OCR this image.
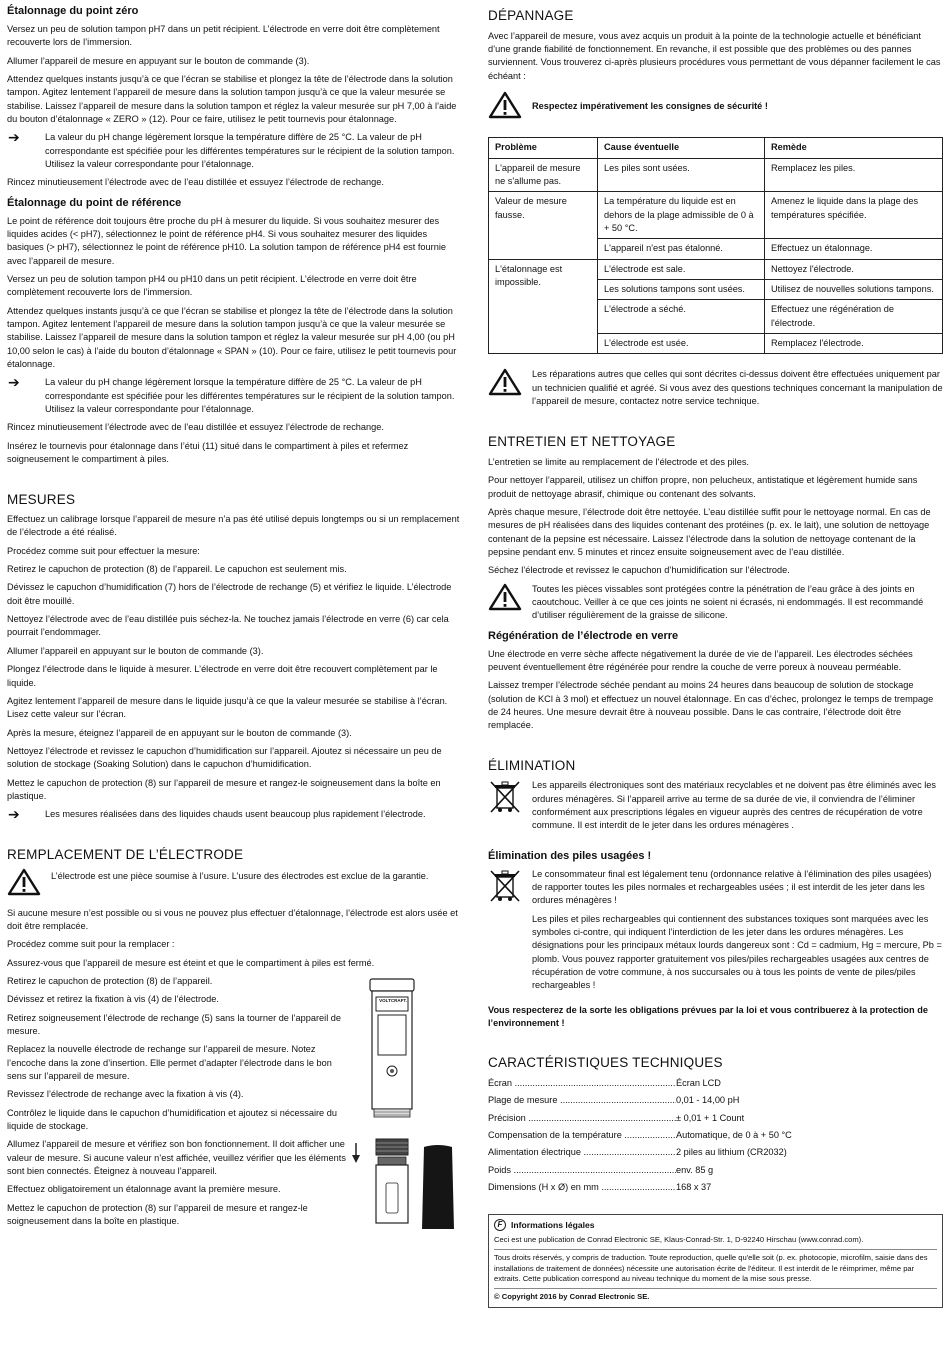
Étalonnage du point zéro

Versez un peu de solution tampon pH7 dans un petit récipient. L’électrode en verre doit être complètement recouverte lors de l’immersion.

Allumer l’appareil de mesure en appuyant sur le bouton de commande (3).

Attendez quelques instants jusqu’à ce que l’écran se stabilise et plongez la tête de l’électrode dans la solution tampon. Agitez lentement l’appareil de mesure dans la solution tampon jusqu’à ce que la valeur mesurée se stabilise. Laissez l’appareil de mesure dans la solution tampon et réglez la valeur mesurée sur pH 7,00 à l’aide du bouton d’étalonnage « ZERO » (12). Pour ce faire, utilisez le petit tournevis pour étalonnage.

➔	La valeur du pH change légèrement lorsque la température diffère de 25 °C. La valeur de pH correspondante est spécifiée pour les différentes températures sur le récipient de la solution tampon. Utilisez la valeur correspondante pour l’étalonnage.

Rincez minutieusement l’électrode avec de l’eau distillée et essuyez l’électrode de rechange.

Étalonnage du point de référence

Le point de référence doit toujours être proche du pH à mesurer du liquide. Si vous souhaitez mesurer des liquides acides (< pH7), sélectionnez le point de référence pH4. Si vous souhaitez mesurer des liquides basiques (> pH7), sélectionnez le point de référence pH10. La solution tampon de référence pH4 est fournie avec l’appareil de mesure.

Versez un peu de solution tampon pH4 ou pH10 dans un petit récipient. L’électrode en verre doit être complètement recouverte lors de l’immersion.

Attendez quelques instants jusqu’à ce que l’écran se stabilise et plongez la tête de l’électrode dans la solution tampon. Agitez lentement l’appareil de mesure dans la solution tampon jusqu’à ce que la valeur mesurée se stabilise. Laissez l’appareil de mesure dans la solution tampon et réglez la valeur mesurée sur pH 4,00 (ou pH 10,00 selon le cas) à l’aide du bouton d’étalonnage « SPAN » (10). Pour ce faire, utilisez le petit tournevis pour étalonnage.

➔	La valeur du pH change légèrement lorsque la température diffère de 25 °C. La valeur de pH correspondante est spécifiée pour les différentes températures sur le récipient de la solution tampon. Utilisez la valeur correspondante pour l’étalonnage.

Rincez minutieusement l’électrode avec de l’eau distillée et essuyez l’électrode de rechange.

Insérez le tournevis pour étalonnage dans l’étui (11) situé dans le compartiment à piles et refermez soigneusement le compartiment à piles.

MESURES

Effectuez un calibrage lorsque l’appareil de mesure n’a pas été utilisé depuis longtemps ou si un remplacement de l’électrode a été réalisé.

Procédez comme suit pour effectuer la mesure:

Retirez le capuchon de protection (8) de l’appareil. Le capuchon est seulement mis.

Dévissez le capuchon d’humidification (7) hors de l’électrode de rechange (5) et vérifiez le liquide. L’électrode doit être mouillé.

Nettoyez l’électrode avec de l’eau distillée puis séchez-la. Ne touchez jamais l’électrode en verre (6) car cela pourrait l’endommager.

Allumer l’appareil en appuyant sur le bouton de commande (3).

Plongez l’électrode dans le liquide à mesurer. L’électrode en verre doit être recouvert complètement par le liquide.

Agitez lentement l’appareil de mesure dans le liquide jusqu’à ce que la valeur mesurée se stabilise à l’écran. Lisez cette valeur sur l’écran.

Après la mesure, éteignez l’appareil de en appuyant sur le bouton de commande (3).

Nettoyez l’électrode et revissez le capuchon d’humidification sur l’appareil. Ajoutez si nécessaire un peu de solution de stockage (Soaking Solution) dans le capuchon d’humidification.

Mettez le capuchon de protection (8) sur l’appareil de mesure et rangez-le soigneusement dans la boîte en plastique.

➔	Les mesures réalisées dans des liquides chauds usent beaucoup plus rapidement l’électrode.
REMPLACEMENT DE L’ÉLECTRODE
L’électrode est une pièce soumise à l’usure. L’usure des électrodes est exclue de la garantie.

Si aucune mesure n’est possible ou si vous ne pouvez plus effectuer d’étalonnage, l’électrode est alors usée et doit être remplacée.

Procédez comme suit pour la remplacer :

Assurez-vous que l’appareil de mesure est éteint et que le compartiment à piles est fermé.

Retirez le capuchon de protection (8) de l’appareil.

Dévissez et retirez la fixation à vis (4) de l’électrode.

Retirez soigneusement l’électrode de rechange (5) sans la tourner de l’appareil de mesure.

Replacez la nouvelle électrode de rechange sur l’appareil de mesure. Notez l’encoche dans la zone d’insertion. Elle permet d’adapter l’électrode dans le bon sens sur l’appareil de mesure.

Revissez l’électrode de rechange avec la fixation à vis (4).

Contrôlez le liquide dans le capuchon d’humidification et ajoutez si nécessaire du liquide de stockage.

Allumez l’appareil de mesure et vérifiez son bon fonctionnement. Il doit afficher une valeur de mesure. Si aucune valeur n’est affichée, veuillez vérifier que les éléments sont bien connectés. Éteignez à nouveau l’appareil.

Effectuez obligatoirement un étalonnage avant la première mesure.

Mettez le capuchon de protection (8) sur l’appareil de mesure et rangez-le soigneusement dans la boîte en plastique.

VOLTCRAFT.
DÉPANNAGE

Avec l’appareil de mesure, vous avez acquis un produit à la pointe de la technologie actuelle et bénéficiant d’une grande fiabilité de fonctionnement. En revanche, il est possible que des problèmes ou des pannes surviennent. Vous trouverez ci-après plusieurs procédures vous permettant de vous dépanner facilement le cas échéant :

Respectez impérativement les consignes de sécurité !
Problème	Cause éventuelle	Remède
L'appareil de mesure ne s'allume pas.	Les piles sont usées.	Remplacez les piles.
Valeur de mesure fausse.	La température du liquide est en dehors de la plage admissible de 0 à + 50 °C.	Amenez le liquide dans la plage des températures spécifiée.
	L'appareil n'est pas étalonné.	Effectuez un étalonnage.
L'étalonnage est impossible.	L'électrode est sale.	Nettoyez l'électrode.
	Les solutions tampons sont usées.	Utilisez de nouvelles solutions tampons.
	L'électrode a séché.	Effectuez une régénération de l'électrode.
	L'électrode est usée.	Remplacez l'électrode.
Les réparations autres que celles qui sont décrites ci-dessus doivent être effectuées uniquement par un technicien qualifié et agréé. Si vous avez des questions techniques concernant la manipulation de l’appareil de mesure, contactez notre service technique.
ENTRETIEN ET NETTOYAGE

L’entretien se limite au remplacement de l’électrode et des piles.

Pour nettoyer l’appareil, utilisez un chiffon propre, non pelucheux, antistatique et légèrement humide sans produit de nettoyage abrasif, chimique ou contenant des solvants.

Après chaque mesure, l’électrode doit être nettoyée. L’eau distillée suffit pour le nettoyage normal. En cas de mesures de pH réalisées dans des liquides contenant des protéines (p. ex. le lait), une solution de nettoyage contenant de la pepsine est nécessaire. Laissez l’électrode dans la solution de nettoyage contenant de la pepsine pendant env. 5 minutes et rincez ensuite soigneusement avec de l’eau distillée.

Séchez l’électrode et revissez le capuchon d’humidification sur l’électrode.

Toutes les pièces vissables sont protégées contre la pénétration de l’eau grâce à des joints en caoutchouc. Veiller à ce que ces joints ne soient ni écrasés, ni endommagés. Il est recommandé d’utiliser régulièrement de la graisse de silicone.
Régénération de l’électrode en verre

Une électrode en verre sèche affecte négativement la durée de vie de l’appareil. Les électrodes séchées peuvent éventuellement être régénérée pour rendre la couche de verre poreux à nouveau perméable.

Laissez tremper l’électrode séchée pendant au moins 24 heures dans beaucoup de solution de stockage (solution de KCl à 3 mol) et effectuez un nouvel étalonnage. En cas d’échec, prolongez le temps de trempage de 24 heures. Une mesure devrait être à nouveau possible. Dans le cas contraire, l’électrode doit être remplacée.

ÉLIMINATION
Les appareils électroniques sont des matériaux recyclables et ne doivent pas être éliminés avec les ordures ménagères. Si l’appareil arrive au terme de sa durée de vie, il conviendra de l’éliminer conformément aux prescriptions légales en vigueur auprès des centres de récupération de votre commune. Il est interdit de le jeter dans les ordures ménagères .
Élimination des piles usagées !

Le consommateur final est légalement tenu (ordonnance relative à l’élimination des piles usagées) de rapporter toutes les piles normales et rechargeables usées ; il est interdit de les jeter dans les ordures ménagères !

Les piles et piles rechargeables qui contiennent des substances toxiques sont marquées avec les symboles ci-contre, qui indiquent l’interdiction de les jeter dans les ordures ménagères. Les désignations pour les principaux métaux lourds dangereux sont : Cd = cadmium, Hg = mercure, Pb = plomb. Vous pouvez rapporter gratuitement vos piles/piles rechargeables usagées aux centres de récupération de votre commune, à nos succursales ou à tous les points de vente de piles/piles rechargeables !

Vous respecterez de la sorte les obligations prévues par la loi et vous contribuerez à la protection de l’environnement !

CARACTÉRISTIQUES TECHNIQUES
Écran .....	Écran LCD
Plage de mesure .....	0,01 - 14,00 pH
Précision .....	± 0,01 + 1 Count
Compensation de la température .....	Automatique, de 0 à + 50 °C
Alimentation électrique .....	2 piles au lithium (CR2032)
Poids .....	env. 85 g
Dimensions (H x Ø) en mm .....	168 x 37
F Informations légales
Ceci est une publication de Conrad Electronic SE, Klaus-Conrad-Str. 1, D-92240 Hirschau (www.conrad.com).
Tous droits réservés, y compris de traduction. Toute reproduction, quelle qu'elle soit (p. ex. photocopie, microfilm, saisie dans des installations de traitement de données) nécessite une autorisation écrite de l'éditeur. Il est interdit de le réimprimer, même par extraits. Cette publication correspond au niveau technique du moment de la mise sous presse.
© Copyright 2016 by Conrad Electronic SE.
